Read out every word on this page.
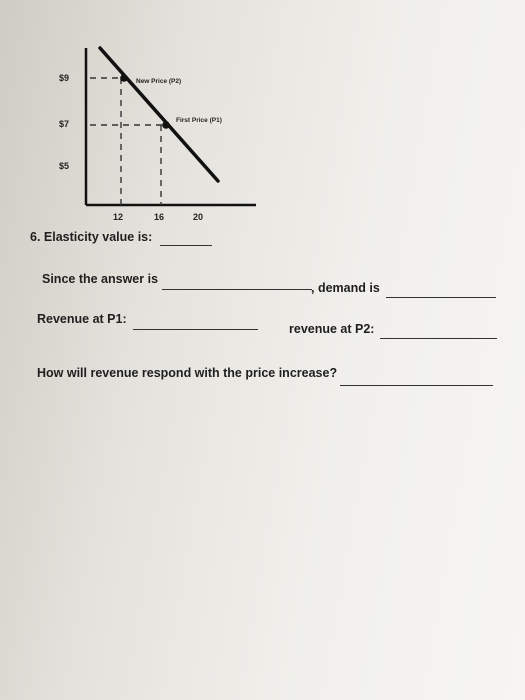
New Price (P2)
First Price (P1)
$9
$7
$5
12	16	20
6. Elasticity value is:
Since the answer is
, demand is
Revenue at P1:
revenue at P2:
How will revenue respond with the price increase?
